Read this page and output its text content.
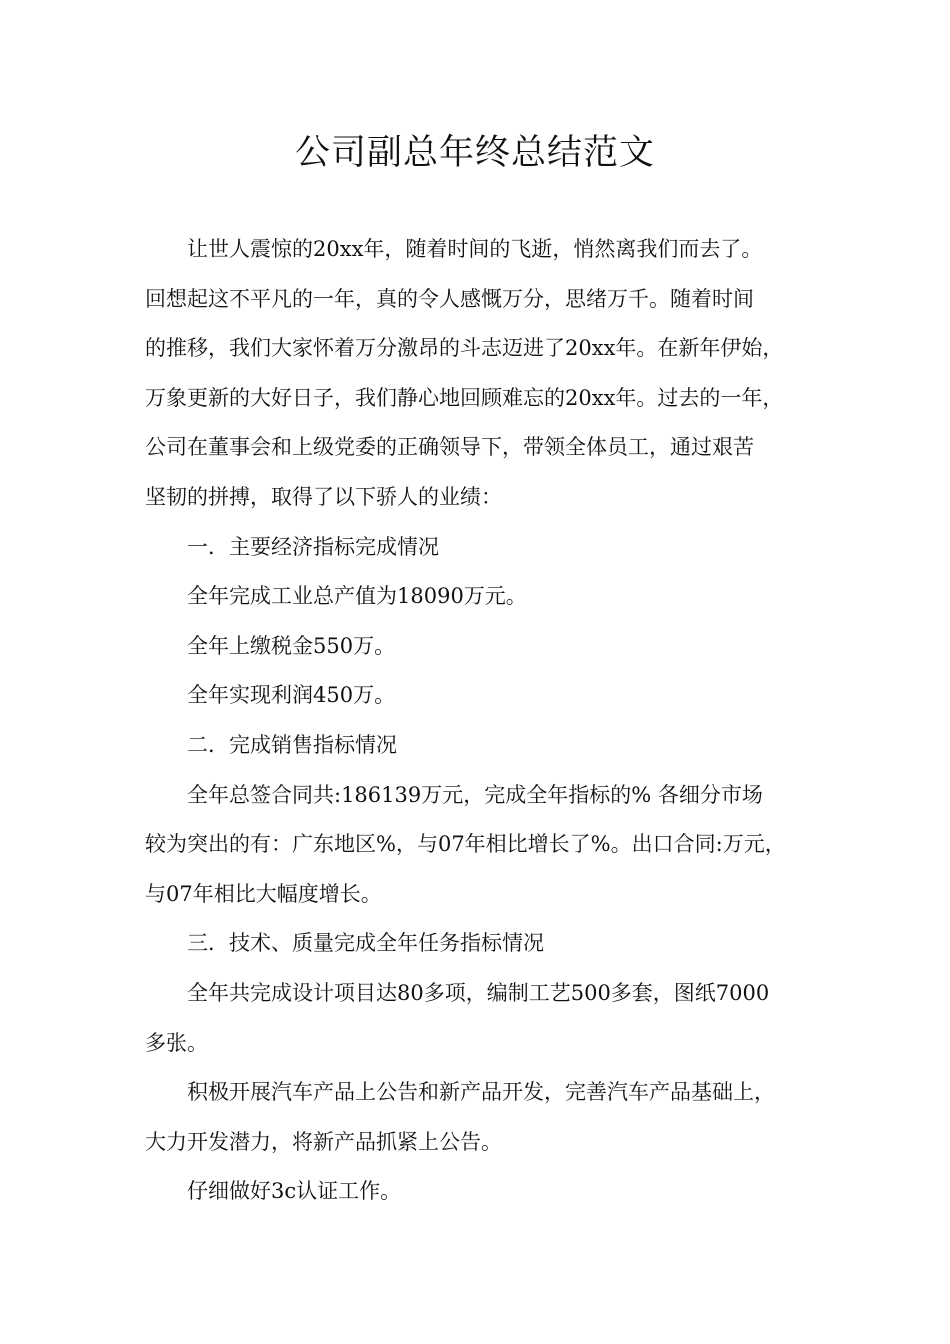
公司副总年终总结范文

让世人震惊的20xx年，随着时间的飞逝，悄然离我们而去了。

回想起这不平凡的一年，真的令人感慨万分，思绪万千。随着时间

的推移，我们大家怀着万分激昂的斗志迈进了20xx年。在新年伊始，

万象更新的大好日子，我们静心地回顾难忘的20xx年。过去的一年，

公司在董事会和上级党委的正确领导下，带领全体员工，通过艰苦

坚韧的拼搏，取得了以下骄人的业绩：

一．主要经济指标完成情况

全年完成工业总产值为18090万元。

全年上缴税金550万。

全年实现利润450万。

二．完成销售指标情况

全年总签合同共:186139万元，完成全年指标的% 各细分市场

较为突出的有：广东地区%，与07年相比增长了%。出口合同:万元，

与07年相比大幅度增长。

三．技术、质量完成全年任务指标情况

全年共完成设计项目达80多项，编制工艺500多套，图纸7000

多张。

积极开展汽车产品上公告和新产品开发，完善汽车产品基础上，

大力开发潜力，将新产品抓紧上公告。

仔细做好3c认证工作。
